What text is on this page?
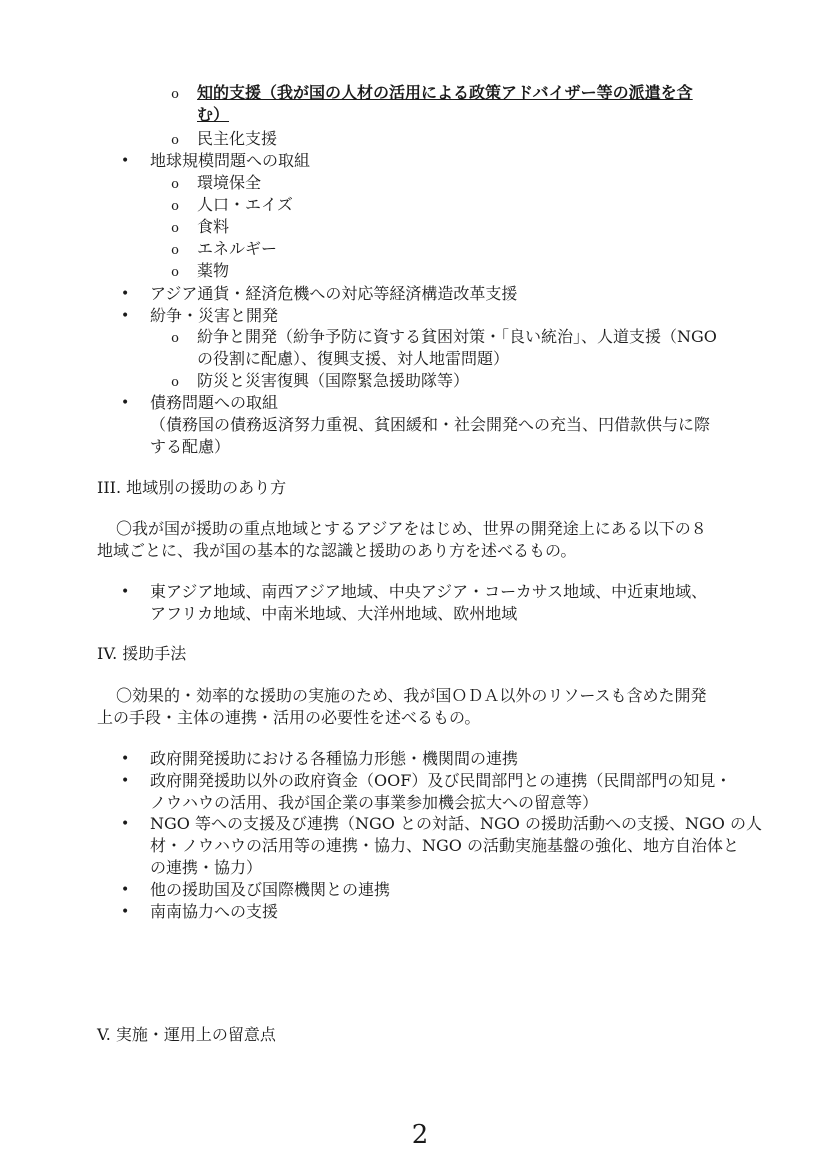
o 知的支援（我が国の人材の活用による政策アドバイザー等の派遣を含
む）
o 民主化支援
• 地球規模問題への取組
o 環境保全
o 人口・エイズ
o 食料
o エネルギー
o 薬物
• アジア通貨・経済危機への対応等経済構造改革支援
• 紛争・災害と開発
o 紛争と開発（紛争予防に資する貧困対策・「良い統治」、人道支援（NGO
の役割に配慮）、復興支援、対人地雷問題）
o 防災と災害復興（国際緊急援助隊等）
• 債務問題への取組
（債務国の債務返済努力重視、貧困緩和・社会開発への充当、円借款供与に際
する配慮）
III. 地域別の援助のあり方
〇我が国が援助の重点地域とするアジアをはじめ、世界の開発途上にある以下の８
地域ごとに、我が国の基本的な認識と援助のあり方を述べるもの。
• 東アジア地域、南西アジア地域、中央アジア・コーカサス地域、中近東地域、
アフリカ地域、中南米地域、大洋州地域、欧州地域
IV. 援助手法
〇効果的・効率的な援助の実施のため、我が国ＯＤＡ以外のリソースも含めた開発
上の手段・主体の連携・活用の必要性を述べるもの。
• 政府開発援助における各種協力形態・機関間の連携
• 政府開発援助以外の政府資金（OOF）及び民間部門との連携（民間部門の知見・
ノウハウの活用、我が国企業の事業参加機会拡大への留意等）
• NGO 等への支援及び連携（NGO との対話、NGO の援助活動への支援、NGO の人
材・ノウハウの活用等の連携・協力、NGO の活動実施基盤の強化、地方自治体と
の連携・協力）
• 他の援助国及び国際機関との連携
• 南南協力への支援
V. 実施・運用上の留意点
2
